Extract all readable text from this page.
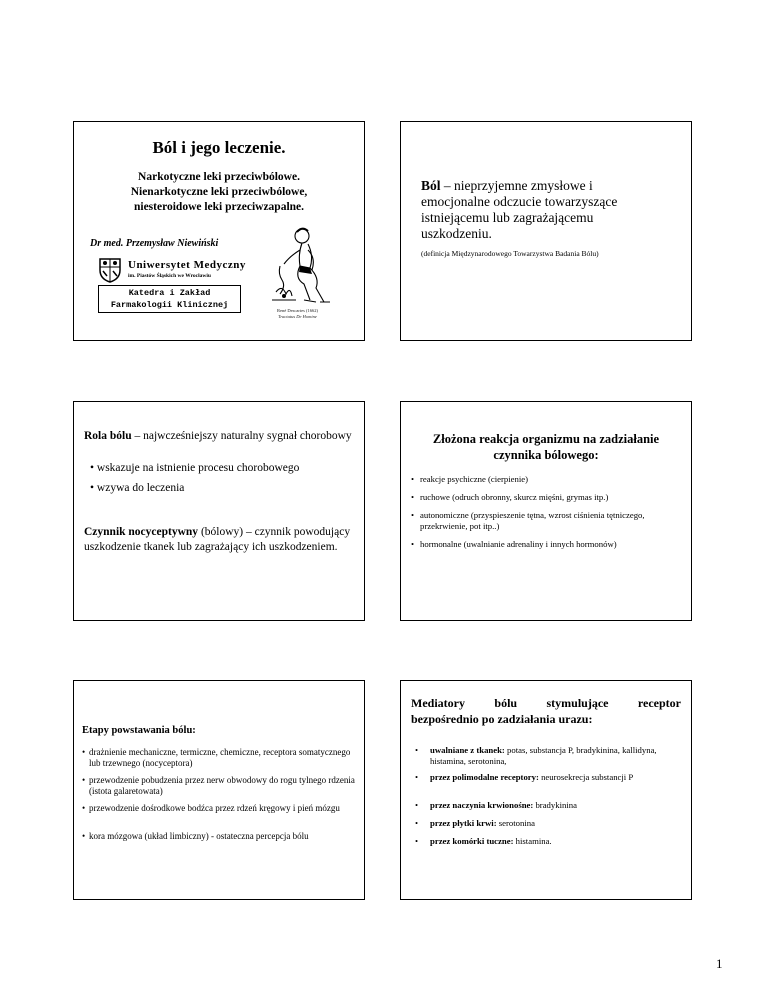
Ból i jego leczenie.
Narkotyczne leki przeciwbólowe.
Nienarkotyczne leki przeciwbólowe,
niesteroidowe leki przeciwzapalne.
Dr med. Przemysław Niewiński
Uniwersytet Medyczny
im. Piastów Śląskich we Wrocławiu
Katedra i Zakład
Farmakologii Klinicznej
René Descartes (1662)
Tractatus De Homine
Ból – nieprzyjemne zmysłowe i emocjonalne odczucie towarzyszące istniejącemu lub zagrażającemu uszkodzeniu.
(definicja Międzynarodowego Towarzystwa Badania Bólu)
Rola bólu – najwcześniejszy naturalny sygnał chorobowy
• wskazuje na istnienie procesu chorobowego
• wzywa do leczenia
Czynnik nocyceptywny (bólowy) – czynnik powodujący uszkodzenie tkanek lub zagrażający ich uszkodzeniem.
Złożona reakcja organizmu na zadziałanie
czynnika bólowego:
• reakcje psychiczne (cierpienie)
• ruchowe (odruch obronny, skurcz mięśni, grymas itp.)
• autonomiczne (przyspieszenie tętna, wzrost ciśnienia tętniczego, przekrwienie, pot itp..)
• hormonalne (uwalnianie adrenaliny i innych hormonów)
Etapy powstawania bólu:
• drażnienie mechaniczne, termiczne, chemiczne, receptora somatycznego lub trzewnego (nocyceptora)
• przewodzenie pobudzenia przez nerw obwodowy do rogu tylnego rdzenia (istota galaretowata)
• przewodzenie dośrodkowe bodźca przez rdzeń kręgowy i pień mózgu
• kora mózgowa (układ limbiczny) - ostateczna percepcja bólu
Mediatory bólu stymulujące receptor
bezpośrednio po zadziałania urazu:
•	uwalniane z tkanek: potas, substancja P, bradykinina, kallidyna, histamina, serotonina,
•	przez polimodalne receptory: neurosekrecja substancji P
•	przez naczynia krwionośne: bradykinina
•	przez płytki krwi: serotonina
•	przez komórki tuczne: histamina.
1
